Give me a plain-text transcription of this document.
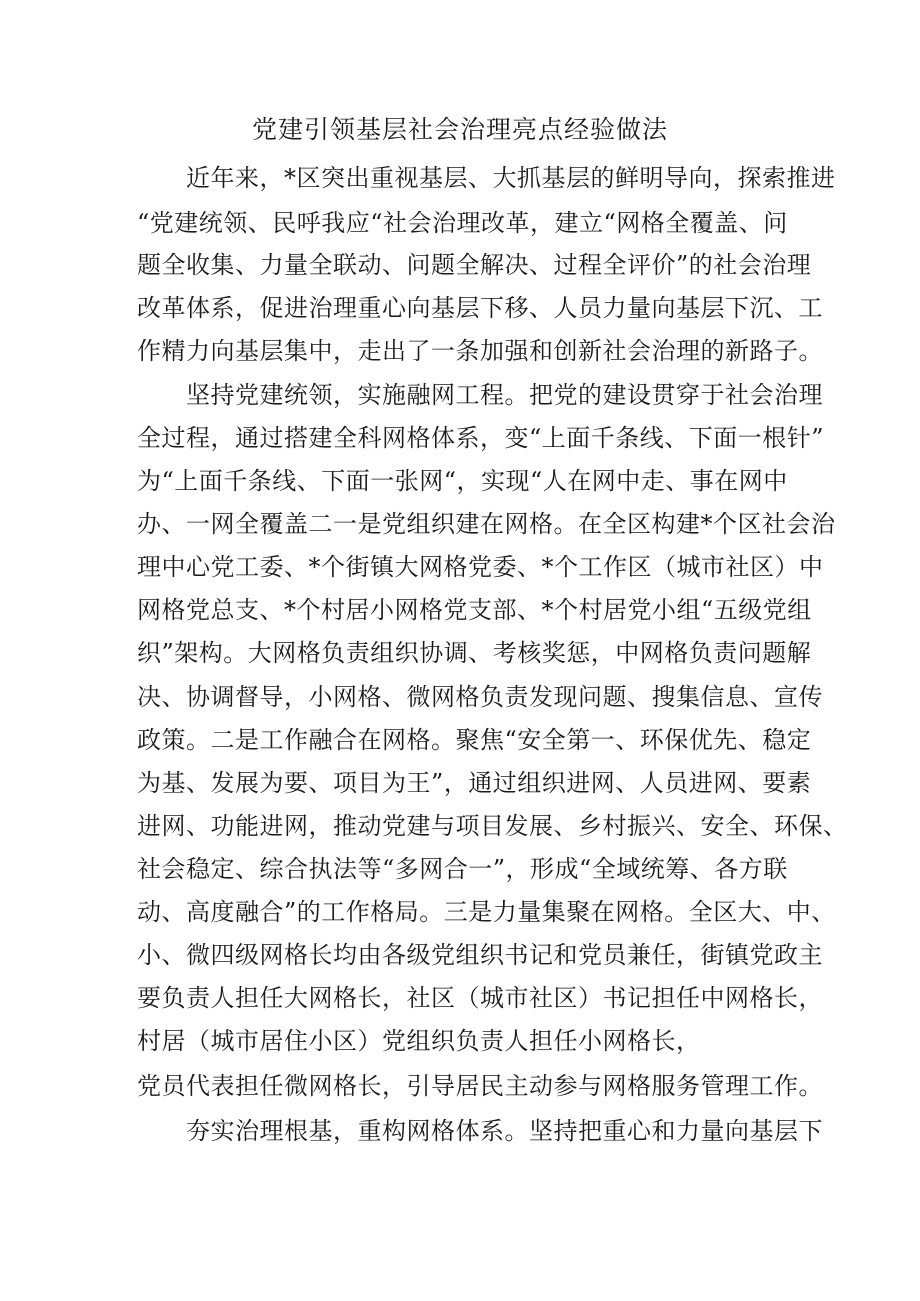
党建引领基层社会治理亮点经验做法
近年来，*区突出重视基层、大抓基层的鲜明导向，探索推进
“党建统领、民呼我应“社会治理改革，建立“网格全覆盖、问
题全收集、力量全联动、问题全解决、过程全评价”的社会治理
改革体系，促进治理重心向基层下移、人员力量向基层下沉、工
作精力向基层集中，走出了一条加强和创新社会治理的新路子。
坚持党建统领，实施融网工程。把党的建设贯穿于社会治理
全过程，通过搭建全科网格体系，变“上面千条线、下面一根针”
为“上面千条线、下面一张网“，实现“人在网中走、事在网中
办、一网全覆盖二一是党组织建在网格。在全区构建*个区社会治
理中心党工委、*个街镇大网格党委、*个工作区（城市社区）中
网格党总支、*个村居小网格党支部、*个村居党小组“五级党组
织”架构。大网格负责组织协调、考核奖惩，中网格负责问题解
决、协调督导，小网格、微网格负责发现问题、搜集信息、宣传
政策。二是工作融合在网格。聚焦“安全第一、环保优先、稳定
为基、发展为要、项目为王”，通过组织进网、人员进网、要素
进网、功能进网，推动党建与项目发展、乡村振兴、安全、环保、
社会稳定、综合执法等“多网合一”，形成“全域统筹、各方联
动、高度融合”的工作格局。三是力量集聚在网格。全区大、中、
小、微四级网格长均由各级党组织书记和党员兼任，街镇党政主
要负责人担任大网格长，社区（城市社区）书记担任中网格长，
村居（城市居住小区）党组织负责人担任小网格长，
党员代表担任微网格长，引导居民主动参与网格服务管理工作。
夯实治理根基，重构网格体系。坚持把重心和力量向基层下
